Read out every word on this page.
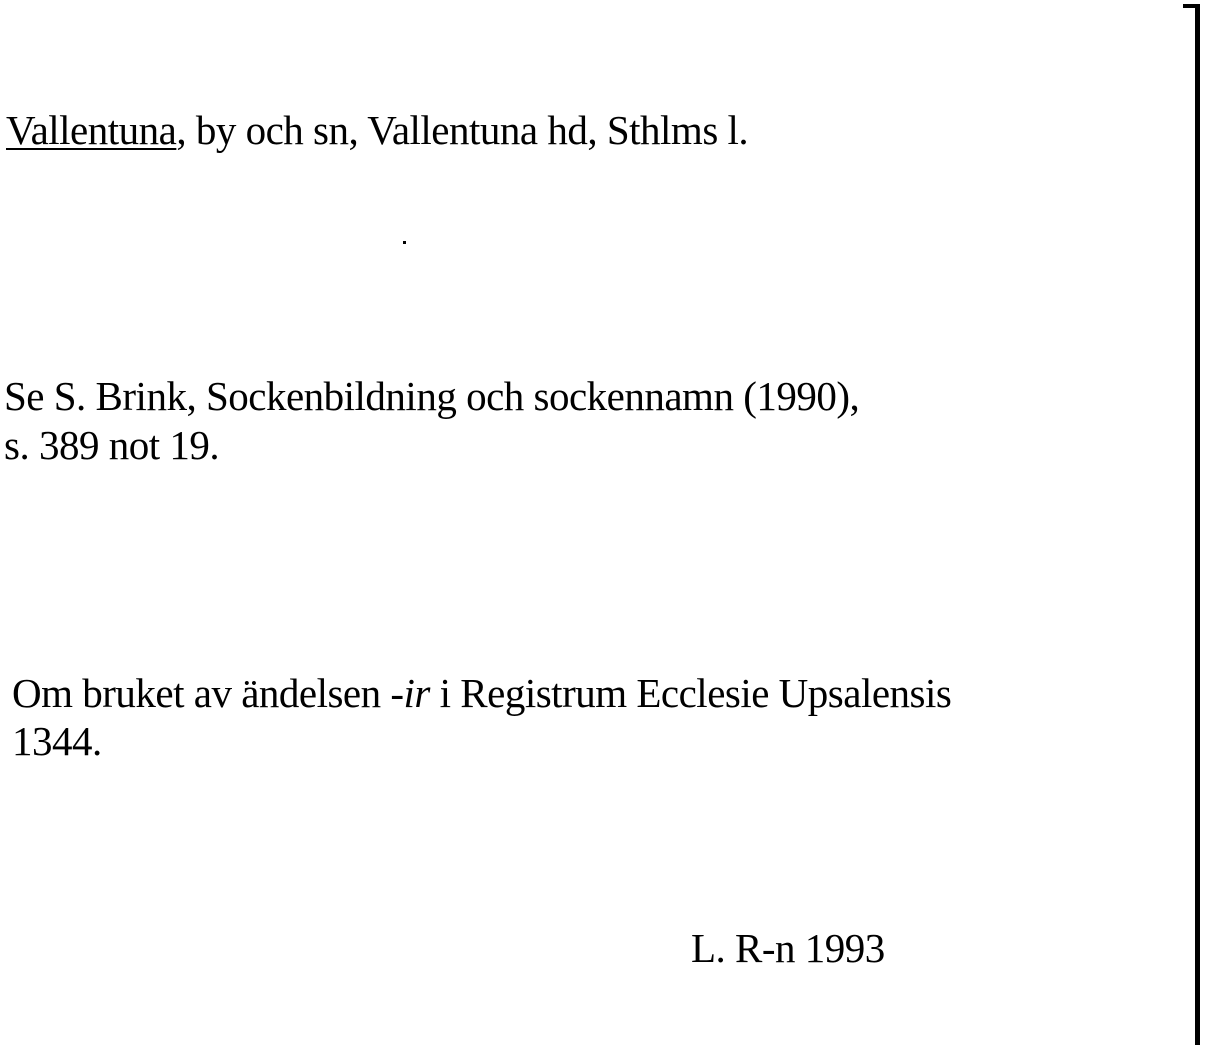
Vallentuna, by och sn, Vallentuna hd, Sthlms l.
Se S. Brink, Sockenbildning och sockennamn (1990),
s. 389 not 19.
Om bruket av ändelsen -ir i Registrum Ecclesie Upsalensis
1344.
L. R-n 1993
